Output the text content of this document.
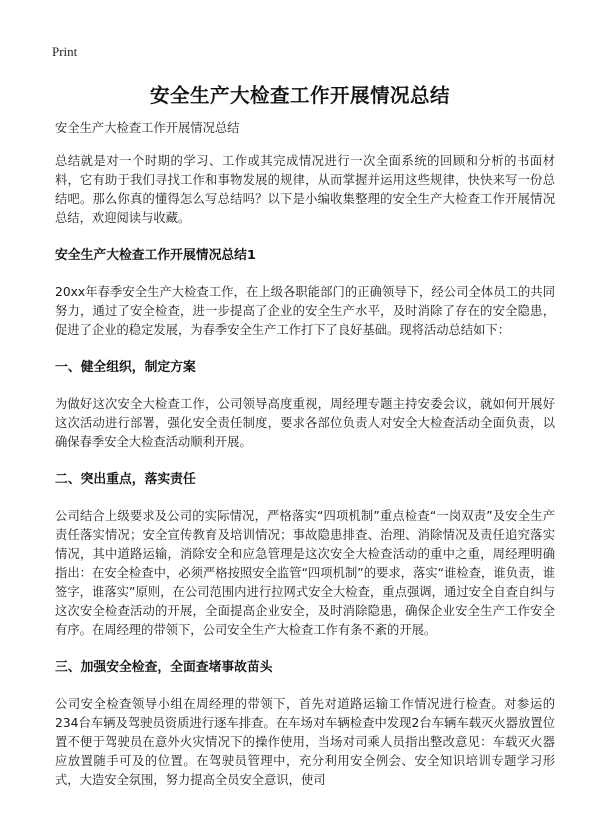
Print
安全生产大检查工作开展情况总结

安全生产大检查工作开展情况总结

总结就是对一个时期的学习、工作或其完成情况进行一次全面系统的回顾和分析的书面材料，它有助于我们寻找工作和事物发展的规律，从而掌握并运用这些规律，快快来写一份总结吧。那么你真的懂得怎么写总结吗？以下是小编收集整理的安全生产大检查工作开展情况总结，欢迎阅读与收藏。

安全生产大检查工作开展情况总结1

20xx年春季安全生产大检查工作，在上级各职能部门的正确领导下，经公司全体员工的共同努力，通过了安全检查，进一步提高了企业的安全生产水平，及时消除了存在的安全隐患，促进了企业的稳定发展，为春季安全生产工作打下了良好基础。现将活动总结如下：

一、健全组织，制定方案

为做好这次安全大检查工作，公司领导高度重视，周经理专题主持安委会议，就如何开展好这次活动进行部署，强化安全责任制度，要求各部位负责人对安全大检查活动全面负责，以确保春季安全大检查活动顺利开展。

二、突出重点，落实责任

公司结合上级要求及公司的实际情况，严格落实“四项机制”重点检查“一岗双责”及安全生产责任落实情况；安全宣传教育及培训情况；事故隐患排查、治理、消除情况及责任追究落实情况，其中道路运输，消除安全和应急管理是这次安全大检查活动的重中之重，周经理明确指出：在安全检查中，必须严格按照安全监管“四项机制”的要求，落实“谁检查，谁负责，谁签字，谁落实”原则，在公司范围内进行拉网式安全大检查，重点强调，通过安全自查自纠与这次安全检查活动的开展，全面提高企业安全，及时消除隐患，确保企业安全生产工作安全有序。在周经理的带领下，公司安全生产大检查工作有条不紊的开展。

三、加强安全检查，全面查堵事故苗头

公司安全检查领导小组在周经理的带领下，首先对道路运输工作情况进行检查。对参运的234台车辆及驾驶员资质进行逐车排查。在车场对车辆检查中发现2台车辆车载灭火器放置位置不便于驾驶员在意外火灾情况下的操作使用，当场对司乘人员指出整改意见：车载灭火器应放置随手可及的位置。在驾驶员管理中，充分利用安全例会、安全知识培训专题学习形式，大造安全氛围，努力提高全员安全意识，使司
